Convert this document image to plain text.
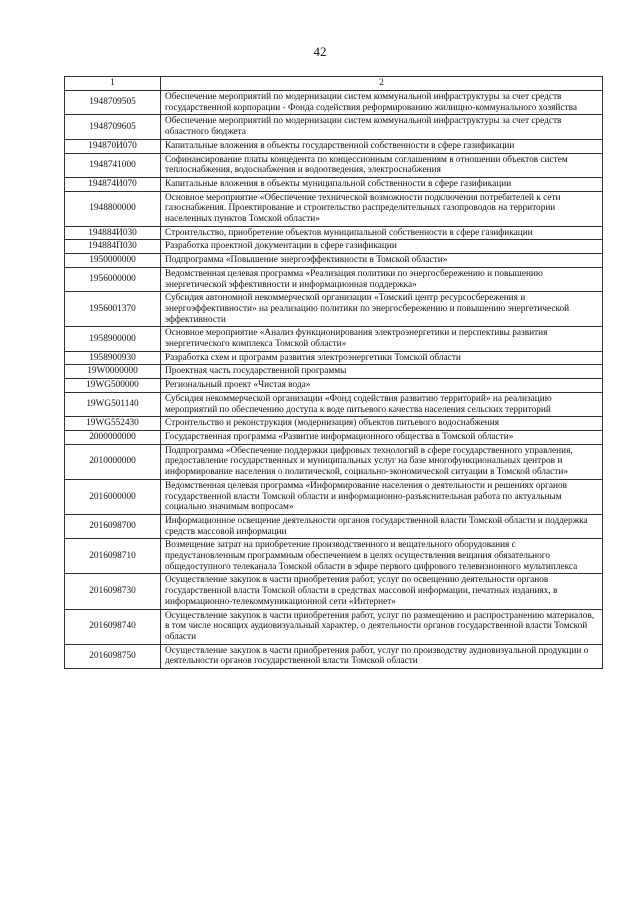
42
1	2
1948709505	Обеспечение мероприятий по модернизации систем коммунальной инфраструктуры за счет средств государственной корпорации - Фонда содействия реформированию жилищно-коммунального хозяйства
1948709605	Обеспечение мероприятий по модернизации систем коммунальной инфраструктуры за счет средств областного бюджета
194870И070	Капитальные вложения в объекты государственной собственности в сфере газификации
1948741000	Софинансирование платы концедента по концессионным соглашениям в отношении объектов систем теплоснабжения, водоснабжения и водоотведения, электроснабжения
194874И070	Капитальные вложения в объекты муниципальной собственности в сфере газификации
1948800000	Основное мероприятие «Обеспечение технической возможности подключения потребителей к сети газоснабжения. Проектирование и строительство распределительных газопроводов на территории населенных пунктов Томской области»
194884И030	Строительство, приобретение объектов муниципальной собственности в сфере газификации
194884П030	Разработка проектной документации в сфере газификации
1950000000	Подпрограмма «Повышение энергоэффективности в Томской области»
1956000000	Ведомственная целевая программа «Реализация политики по энергосбережению и повышению энергетической эффективности и информационная поддержка»
1956001370	Субсидия автономной некоммерческой организации «Томский центр ресурсосбережения и энергоэффективности» на реализацию политики по энергосбережению и повышению энергетической эффективности
1958900000	Основное мероприятие «Анализ функционирования электроэнергетики и перспективы развития энергетического комплекса Томской области»
1958900930	Разработка схем и программ развития электроэнергетики Томской области
19W0000000	Проектная часть государственной программы
19WG500000	Региональный проект «Чистая вода»
19WG501140	Субсидия некоммерческой организации «Фонд содействия развитию территорий» на реализацию мероприятий по обеспечению доступа к воде питьевого качества населения сельских территорий
19WG552430	Строительство и реконструкция (модернизация) объектов питьевого водоснабжения
2000000000	Государственная программа «Развитие информационного общества в Томской области»
2010000000	Подпрограмма «Обеспечение поддержки цифровых технологий в сфере государственного управления, предоставление государственных и муниципальных услуг на базе многофункциональных центров и информирование населения о политической, социально-экономической ситуации в Томской области»
2016000000	Ведомственная целевая программа «Информирование населения о деятельности и решениях органов государственной власти Томской области и информационно-разъяснительная работа по актуальным социально значимым вопросам»
2016098700	Информационное освещение деятельности органов государственной власти Томской области и поддержка средств массовой информации
2016098710	Возмещение затрат на приобретение производственного и вещательного оборудования с предустановленным программным обеспечением в целях осуществления вещания обязательного общедоступного телеканала Томской области в эфире первого цифрового телевизионного мультиплекса
2016098730	Осуществление закупок в части приобретения работ, услуг по освещению деятельности органов государственной власти Томской области в средствах массовой информации, печатных изданиях, в информационно-телекоммуникационной сети «Интернет»
2016098740	Осуществление закупок в части приобретения работ, услуг по размещению и распространению материалов, в том числе носящих аудиовизуальный характер, о деятельности органов государственной власти Томской области
2016098750	Осуществление закупок в части приобретения работ, услуг по производству аудиовизуальной продукции о деятельности органов государственной власти Томской области
